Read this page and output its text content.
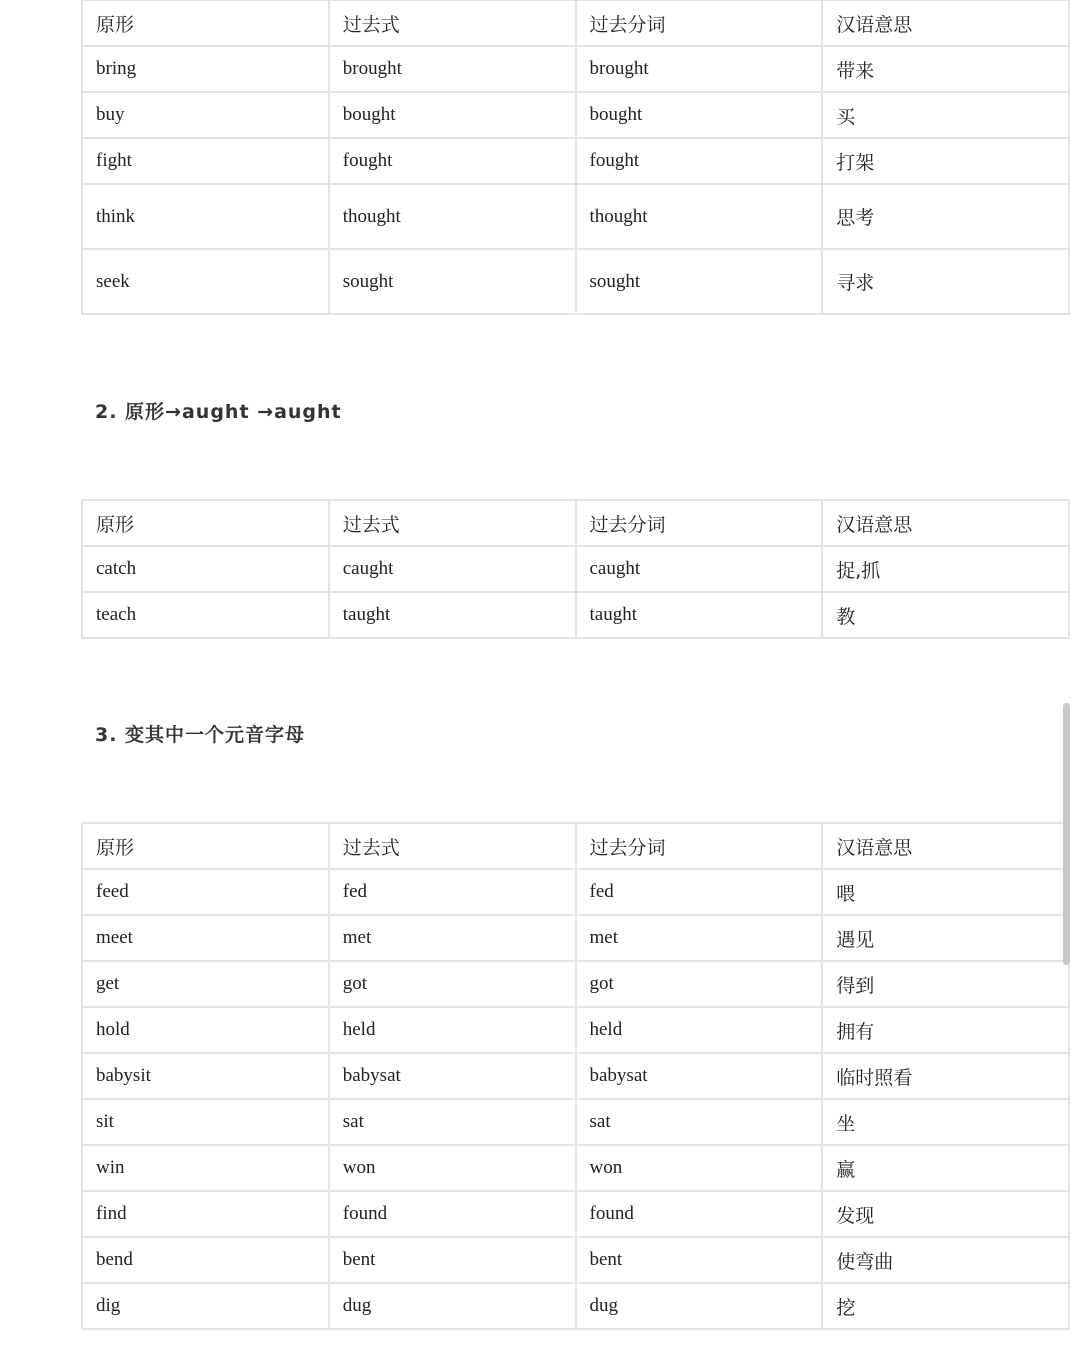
原形	过去式	过去分词	汉语意思
bring	brought	brought	带来
buy	bought	bought	买
fight	fought	fought	打架
think	thought	thought	思考
seek	sought	sought	寻求
2. 原形→aught →aught
原形	过去式	过去分词	汉语意思
catch	caught	caught	捉,抓
teach	taught	taught	教
3. 变其中一个元音字母
原形	过去式	过去分词	汉语意思
feed	fed	fed	喂
meet	met	met	遇见
get	got	got	得到
hold	held	held	拥有
babysit	babysat	babysat	临时照看
sit	sat	sat	坐
win	won	won	赢
find	found	found	发现
bend	bent	bent	使弯曲
dig	dug	dug	挖
